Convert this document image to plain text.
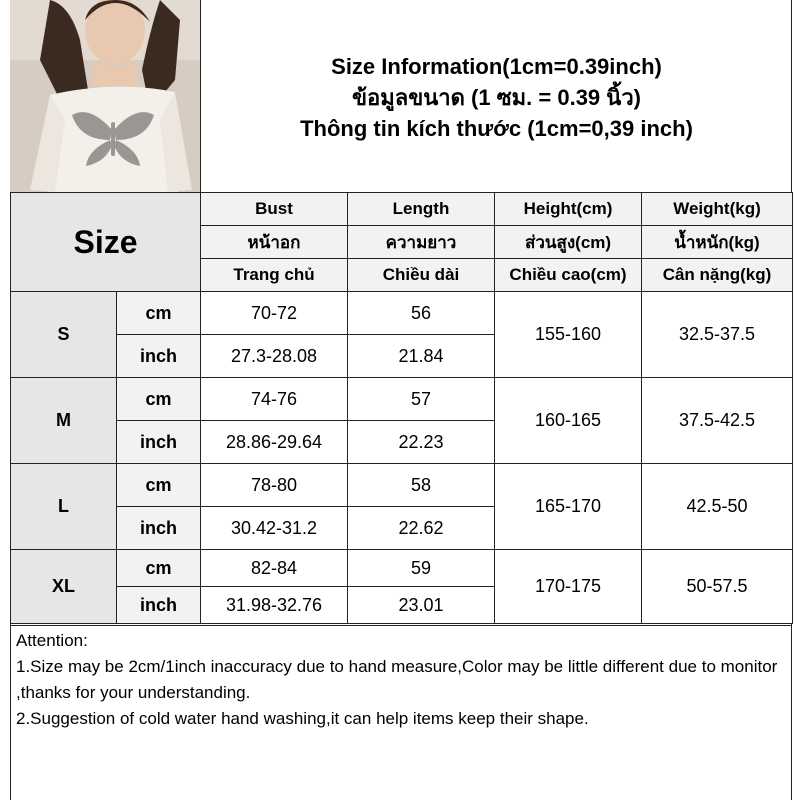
Size Information(1cm=0.39inch)
ข้อมูลขนาด (1 ซม. = 0.39 นิ้ว)
Thông tin kích thước (1cm=0,39 inch)
Size		Bust	Length	Height(cm)	Weight(kg)
		หน้าอก	ความยาว	ส่วนสูง(cm)	น้ำหนัก(kg)
		Trang chủ	Chiều dài	Chiều cao(cm)	Cân nặng(kg)
S	cm	70-72	56	155-160	32.5-37.5
	inch	27.3-28.08	21.84		
M	cm	74-76	57	160-165	37.5-42.5
	inch	28.86-29.64	22.23		
L	cm	78-80	58	165-170	42.5-50
	inch	30.42-31.2	22.62		
XL	cm	82-84	59	170-175	50-57.5
	inch	31.98-32.76	23.01		

Attention:

1.Size may be 2cm/1inch inaccuracy due to hand measure,Color may be little different due to monitor ,thanks for your understanding.

2.Suggestion of cold water hand washing,it can help items keep their shape.
